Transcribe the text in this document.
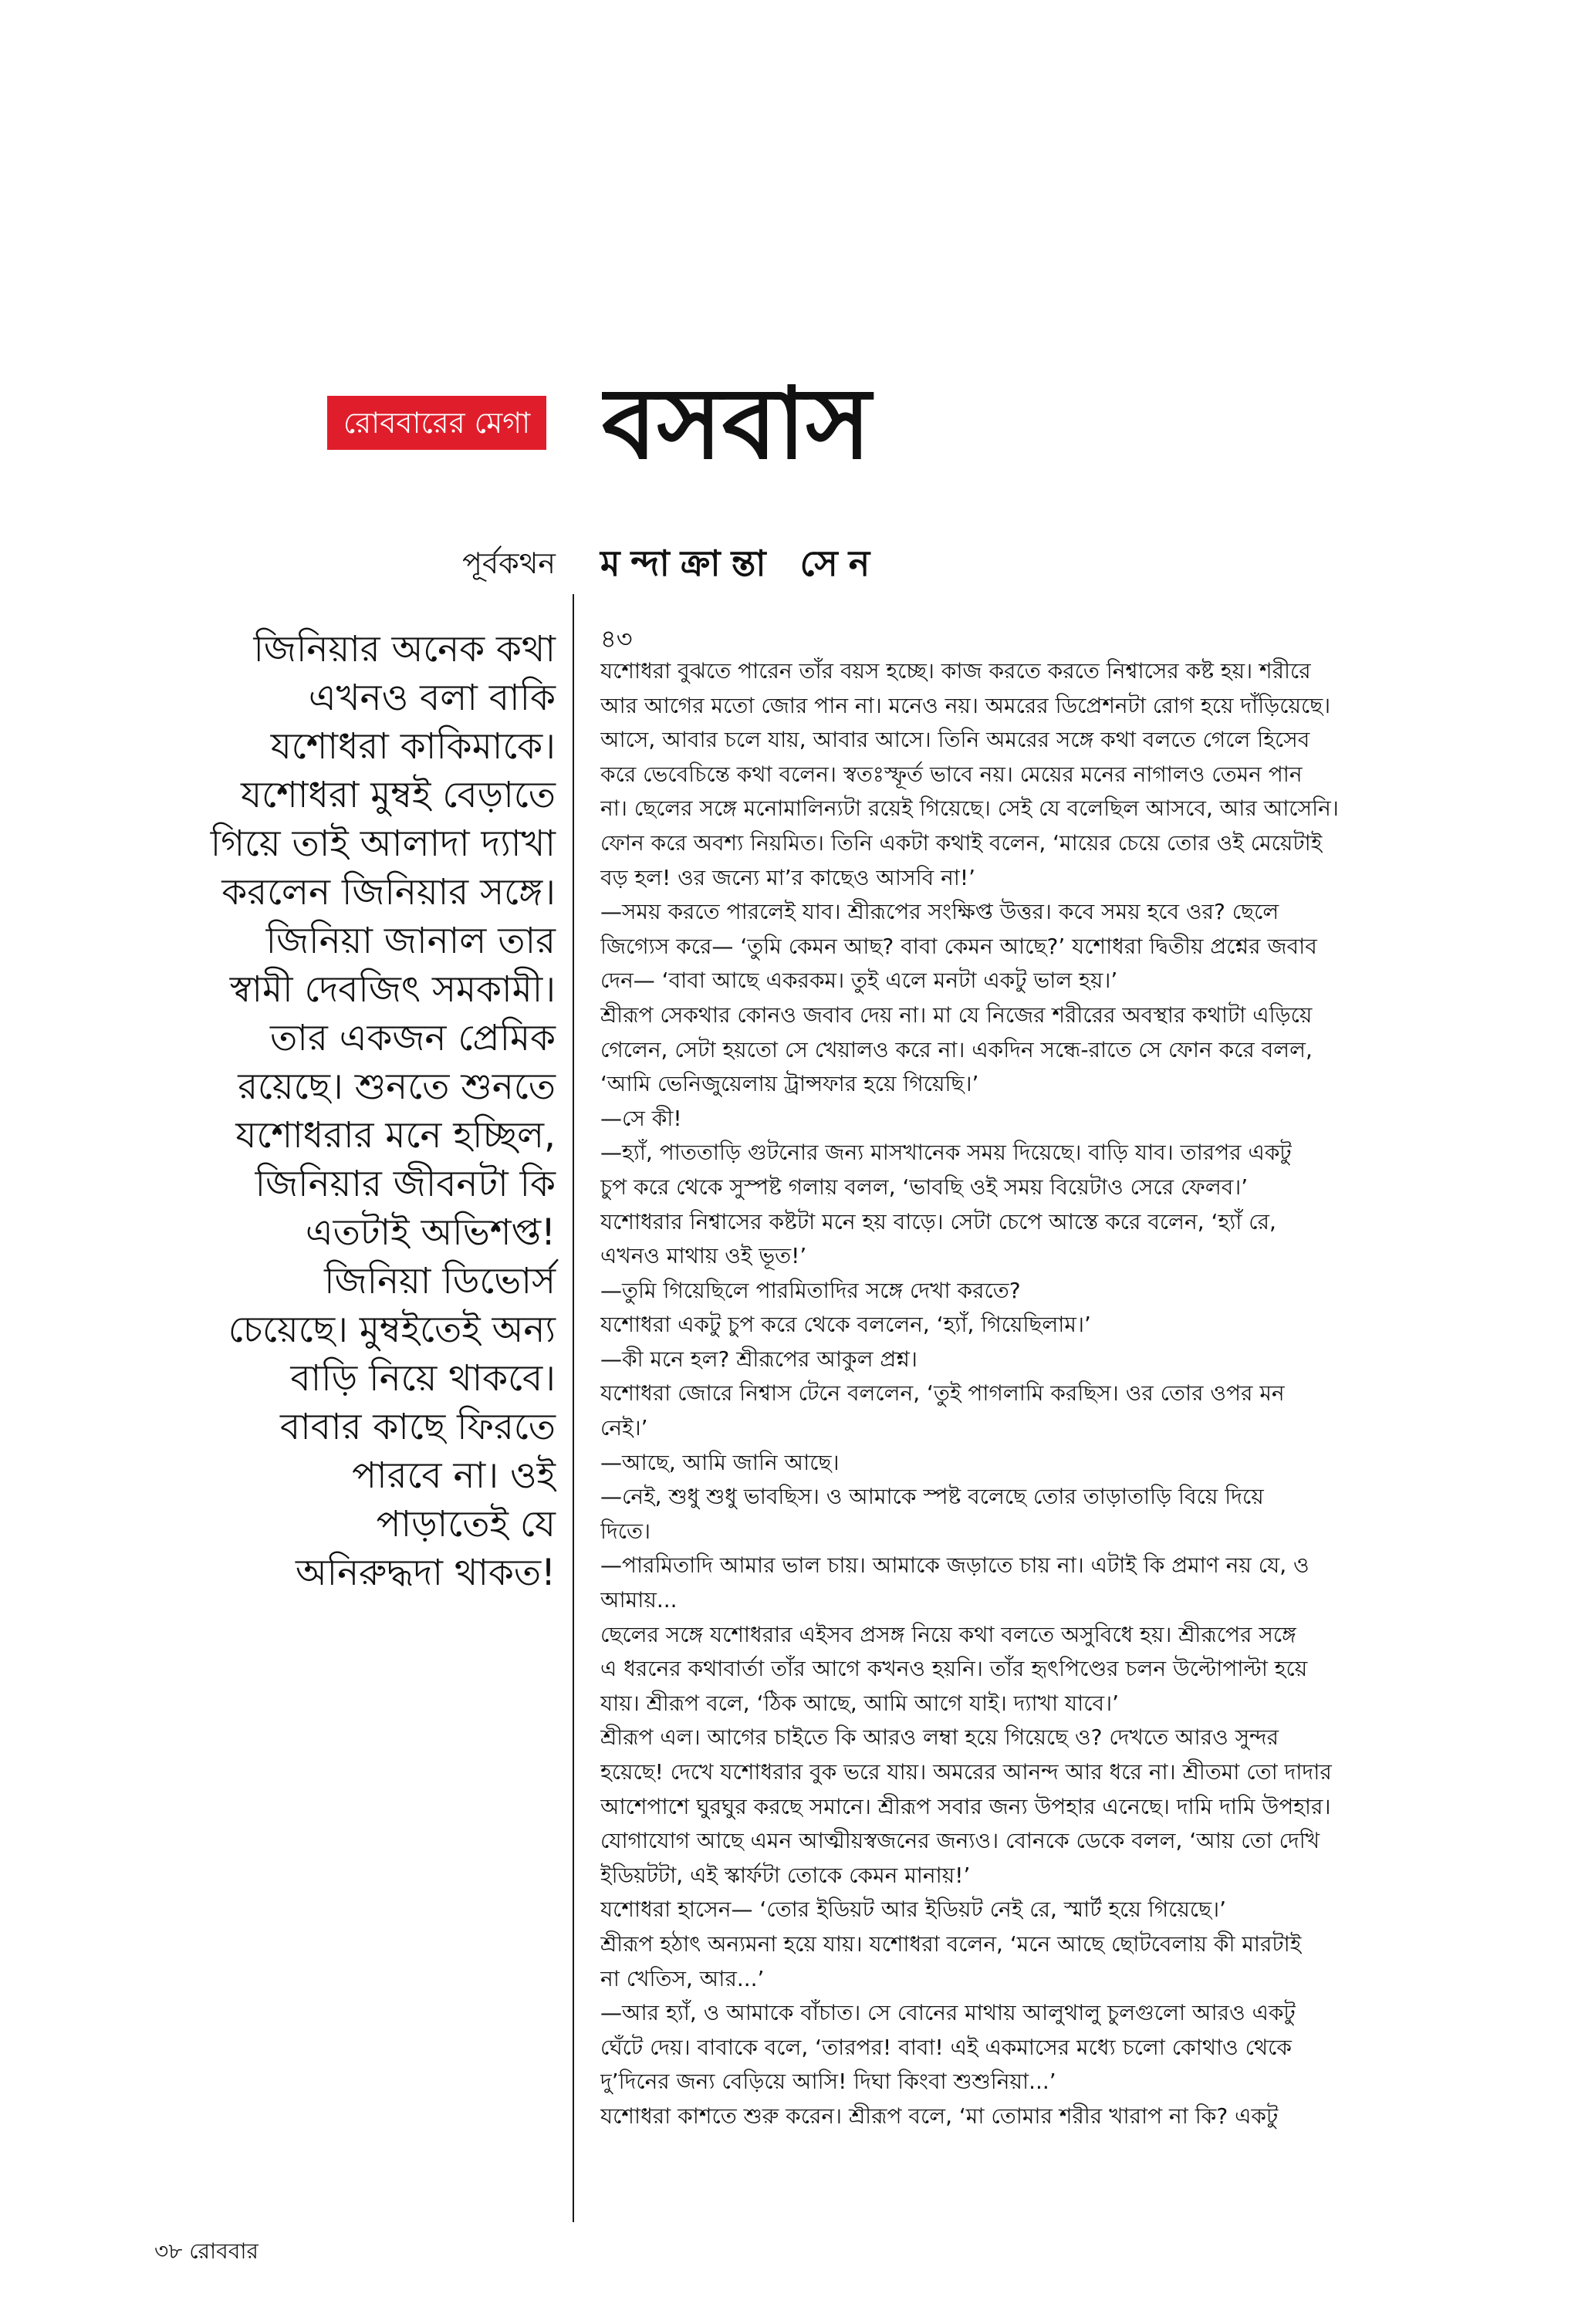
রোববারের মেগা বসবাস
পূর্বকথন মন্দাক্রান্তা সেন
জিনিয়ার অনেক কথা
এখনও বলা বাকি
যশোধরা কাকিমাকে।
যশোধরা মুম্বই বেড়াতে
গিয়ে তাই আলাদা দ্যাখা
করলেন জিনিয়ার সঙ্গে।
জিনিয়া জানাল তার
স্বামী দেবজিৎ সমকামী।
তার একজন প্রেমিক
রয়েছে। শুনতে শুনতে
যশোধরার মনে হচ্ছিল,
জিনিয়ার জীবনটা কি
এতটাই অভিশপ্ত!
জিনিয়া ডিভোর্স
চেয়েছে। মুম্বইতেই অন্য
বাড়ি নিয়ে থাকবে।
বাবার কাছে ফিরতে
পারবে না। ওই
পাড়াতেই যে
অনিরুদ্ধদা থাকত!
৪৩
যশোধরা বুঝতে পারেন তাঁর বয়স হচ্ছে। কাজ করতে করতে নিশ্বাসের কষ্ট হয়। শরীরে
আর আগের মতো জোর পান না। মনেও নয়। অমরের ডিপ্রেশনটা রোগ হয়ে দাঁড়িয়েছে।
আসে, আবার চলে যায়, আবার আসে। তিনি অমরের সঙ্গে কথা বলতে গেলে হিসেব
করে ভেবেচিন্তে কথা বলেন। স্বতঃস্ফূর্ত ভাবে নয়। মেয়ের মনের নাগালও তেমন পান
না। ছেলের সঙ্গে মনোমালিন্যটা রয়েই গিয়েছে। সেই যে বলেছিল আসবে, আর আসেনি।
ফোন করে অবশ্য নিয়মিত। তিনি একটা কথাই বলেন, ‘মায়ের চেয়ে তোর ওই মেয়েটাই
বড় হল! ওর জন্যে মা’র কাছেও আসবি না!’
—সময় করতে পারলেই যাব। শ্রীরূপের সংক্ষিপ্ত উত্তর। কবে সময় হবে ওর? ছেলে
জিগ্যেস করে— ‘তুমি কেমন আছ? বাবা কেমন আছে?’ যশোধরা দ্বিতীয় প্রশ্নের জবাব
দেন— ‘বাবা আছে একরকম। তুই এলে মনটা একটু ভাল হয়।’
শ্রীরূপ সেকথার কোনও জবাব দেয় না। মা যে নিজের শরীরের অবস্থার কথাটা এড়িয়ে
গেলেন, সেটা হয়তো সে খেয়ালও করে না। একদিন সন্ধে-রাতে সে ফোন করে বলল,
‘আমি ভেনিজুয়েলায় ট্রান্সফার হয়ে গিয়েছি।’
—সে কী!
—হ্যাঁ, পাততাড়ি গুটনোর জন্য মাসখানেক সময় দিয়েছে। বাড়ি যাব। তারপর একটু
চুপ করে থেকে সুস্পষ্ট গলায় বলল, ‘ভাবছি ওই সময় বিয়েটাও সেরে ফেলব।’
যশোধরার নিশ্বাসের কষ্টটা মনে হয় বাড়ে। সেটা চেপে আস্তে করে বলেন, ‘হ্যাঁ রে,
এখনও মাথায় ওই ভূত!’
—তুমি গিয়েছিলে পারমিতাদির সঙ্গে দেখা করতে?
যশোধরা একটু চুপ করে থেকে বললেন, ‘হ্যাঁ, গিয়েছিলাম।’
—কী মনে হল? শ্রীরূপের আকুল প্রশ্ন।
যশোধরা জোরে নিশ্বাস টেনে বললেন, ‘তুই পাগলামি করছিস। ওর তোর ওপর মন
নেই।’
—আছে, আমি জানি আছে।
—নেই, শুধু শুধু ভাবছিস। ও আমাকে স্পষ্ট বলেছে তোর তাড়াতাড়ি বিয়ে দিয়ে
দিতে।
—পারমিতাদি আমার ভাল চায়। আমাকে জড়াতে চায় না। এটাই কি প্রমাণ নয় যে, ও
আমায়...
ছেলের সঙ্গে যশোধরার এইসব প্রসঙ্গ নিয়ে কথা বলতে অসুবিধে হয়। শ্রীরূপের সঙ্গে
এ ধরনের কথাবার্তা তাঁর আগে কখনও হয়নি। তাঁর হৃৎপিণ্ডের চলন উল্টোপাল্টা হয়ে
যায়। শ্রীরূপ বলে, ‘ঠিক আছে, আমি আগে যাই। দ্যাখা যাবে।’
শ্রীরূপ এল। আগের চাইতে কি আরও লম্বা হয়ে গিয়েছে ও? দেখতে আরও সুন্দর
হয়েছে! দেখে যশোধরার বুক ভরে যায়। অমরের আনন্দ আর ধরে না। শ্রীতমা তো দাদার
আশেপাশে ঘুরঘুর করছে সমানে। শ্রীরূপ সবার জন্য উপহার এনেছে। দামি দামি উপহার।
যোগাযোগ আছে এমন আত্মীয়স্বজনের জন্যও। বোনকে ডেকে বলল, ‘আয় তো দেখি
ইডিয়টটা, এই স্কার্ফটা তোকে কেমন মানায়!’
যশোধরা হাসেন— ‘তোর ইডিয়ট আর ইডিয়ট নেই রে, স্মার্ট হয়ে গিয়েছে।’
শ্রীরূপ হঠাৎ অন্যমনা হয়ে যায়। যশোধরা বলেন, ‘মনে আছে ছোটবেলায় কী মারটাই
না খেতিস, আর...’
—আর হ্যাঁ, ও আমাকে বাঁচাত। সে বোনের মাথায় আলুথালু চুলগুলো আরও একটু
ঘেঁটে দেয়। বাবাকে বলে, ‘তারপর! বাবা! এই একমাসের মধ্যে চলো কোথাও থেকে
দু’দিনের জন্য বেড়িয়ে আসি! দিঘা কিংবা শুশুনিয়া...’
যশোধরা কাশতে শুরু করেন। শ্রীরূপ বলে, ‘মা তোমার শরীর খারাপ না কি? একটু
৩৮ রোববার
